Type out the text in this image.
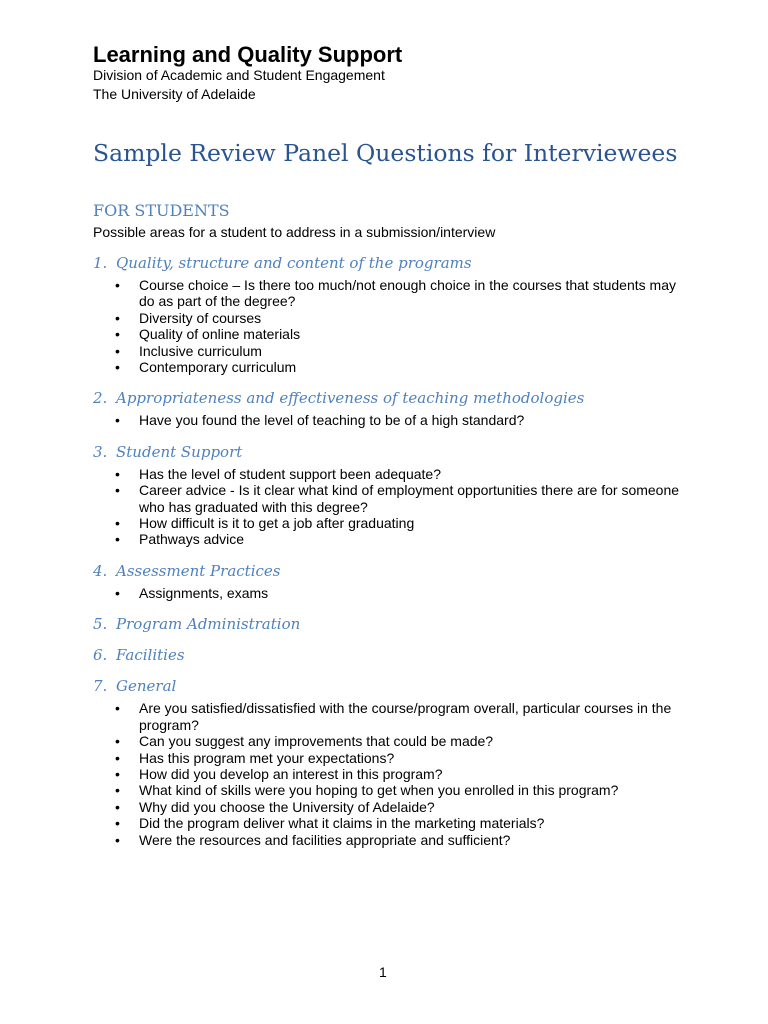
Learning and Quality Support
Division of Academic and Student Engagement
The University of Adelaide
Sample Review Panel Questions for Interviewees
FOR STUDENTS
Possible areas for a student to address in a submission/interview
1. Quality, structure and content of the programs
• Course choice – Is there too much/not enough choice in the courses that students may do as part of the degree?
• Diversity of courses
• Quality of online materials
• Inclusive curriculum
• Contemporary curriculum
2. Appropriateness and effectiveness of teaching methodologies
• Have you found the level of teaching to be of a high standard?
3. Student Support
• Has the level of student support been adequate?
• Career advice - Is it clear what kind of employment opportunities there are for someone who has graduated with this degree?
• How difficult is it to get a job after graduating
• Pathways advice
4. Assessment Practices
• Assignments, exams
5. Program Administration
6. Facilities
7. General
• Are you satisfied/dissatisfied with the course/program overall, particular courses in the program?
• Can you suggest any improvements that could be made?
• Has this program met your expectations?
• How did you develop an interest in this program?
• What kind of skills were you hoping to get when you enrolled in this program?
• Why did you choose the University of Adelaide?
• Did the program deliver what it claims in the marketing materials?
• Were the resources and facilities appropriate and sufficient?
1
